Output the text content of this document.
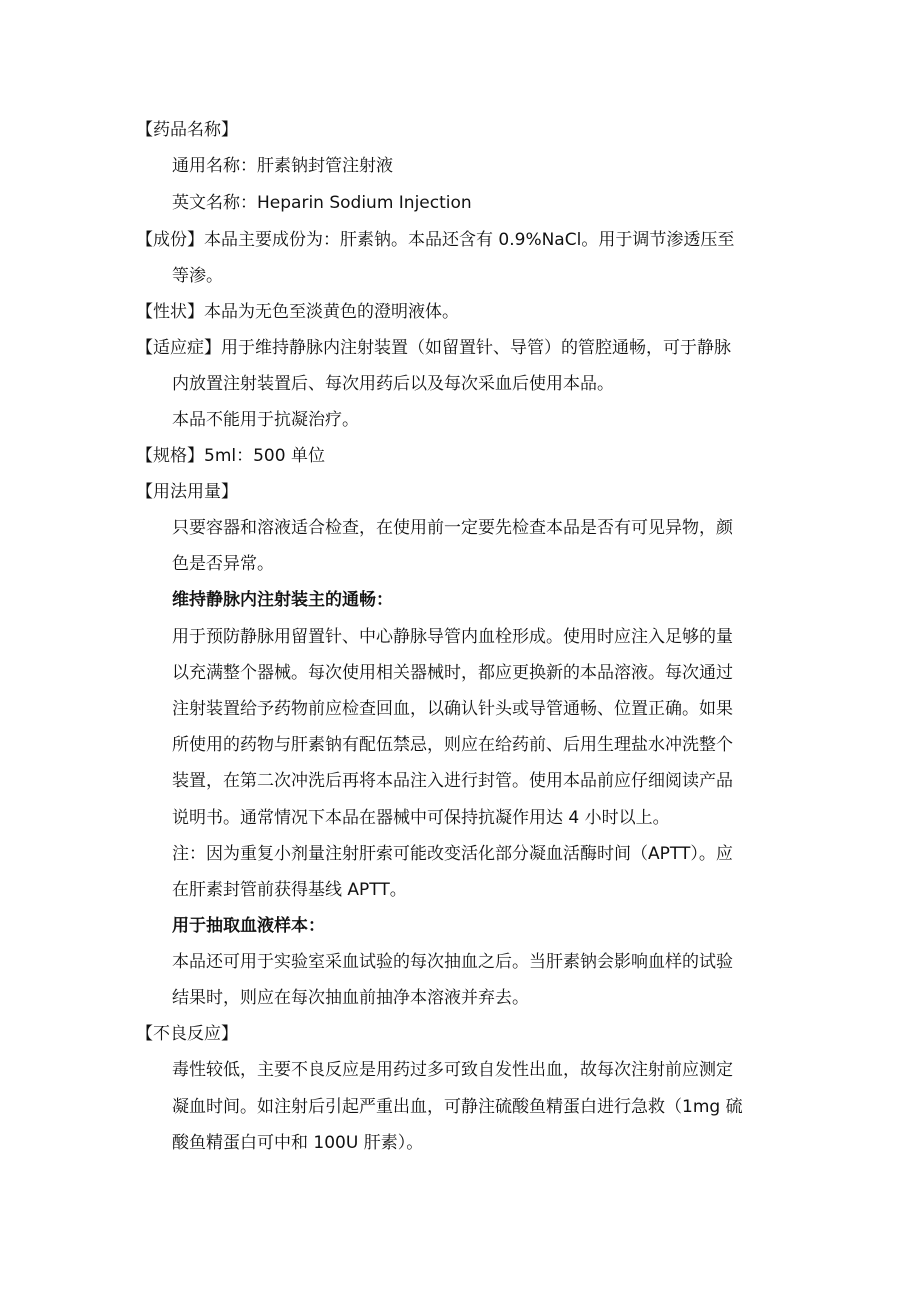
【药品名称】
通用名称：肝素钠封管注射液
英文名称：Heparin Sodium Injection
【成份】本品主要成份为：肝素钠。本品还含有 0.9%NaCl。用于调节渗透压至
等渗。
【性状】本品为无色至淡黄色的澄明液体。
【适应症】用于维持静脉内注射装置（如留置针、导管）的管腔通畅，可于静脉
内放置注射装置后、每次用药后以及每次采血后使用本品。
本品不能用于抗凝治疗。
【规格】5ml：500 单位
【用法用量】
只要容器和溶液适合检查，在使用前一定要先检查本品是否有可见异物，颜
色是否异常。
维持静脉内注射装主的通畅：
用于预防静脉用留置针、中心静脉导管内血栓形成。使用时应注入足够的量
以充满整个器械。每次使用相关器械时，都应更换新的本品溶液。每次通过
注射装置给予药物前应检查回血，以确认针头或导管通畅、位置正确。如果
所使用的药物与肝素钠有配伍禁忌，则应在给药前、后用生理盐水冲洗整个
装置，在第二次冲洗后再将本品注入进行封管。使用本品前应仔细阅读产品
说明书。通常情况下本品在器械中可保持抗凝作用达 4 小时以上。
注：因为重复小剂量注射肝索可能改变活化部分凝血活酶时间（APTT）。应
在肝素封管前获得基线 APTT。
用于抽取血液样本：
本品还可用于实验室采血试验的每次抽血之后。当肝素钠会影响血样的试验
结果时，则应在每次抽血前抽净本溶液并弃去。
【不良反应】
毒性较低，主要不良反应是用药过多可致自发性出血，故每次注射前应测定
凝血时间。如注射后引起严重出血，可静注硫酸鱼精蛋白进行急救（1mg 硫
酸鱼精蛋白可中和 100U 肝素）。
